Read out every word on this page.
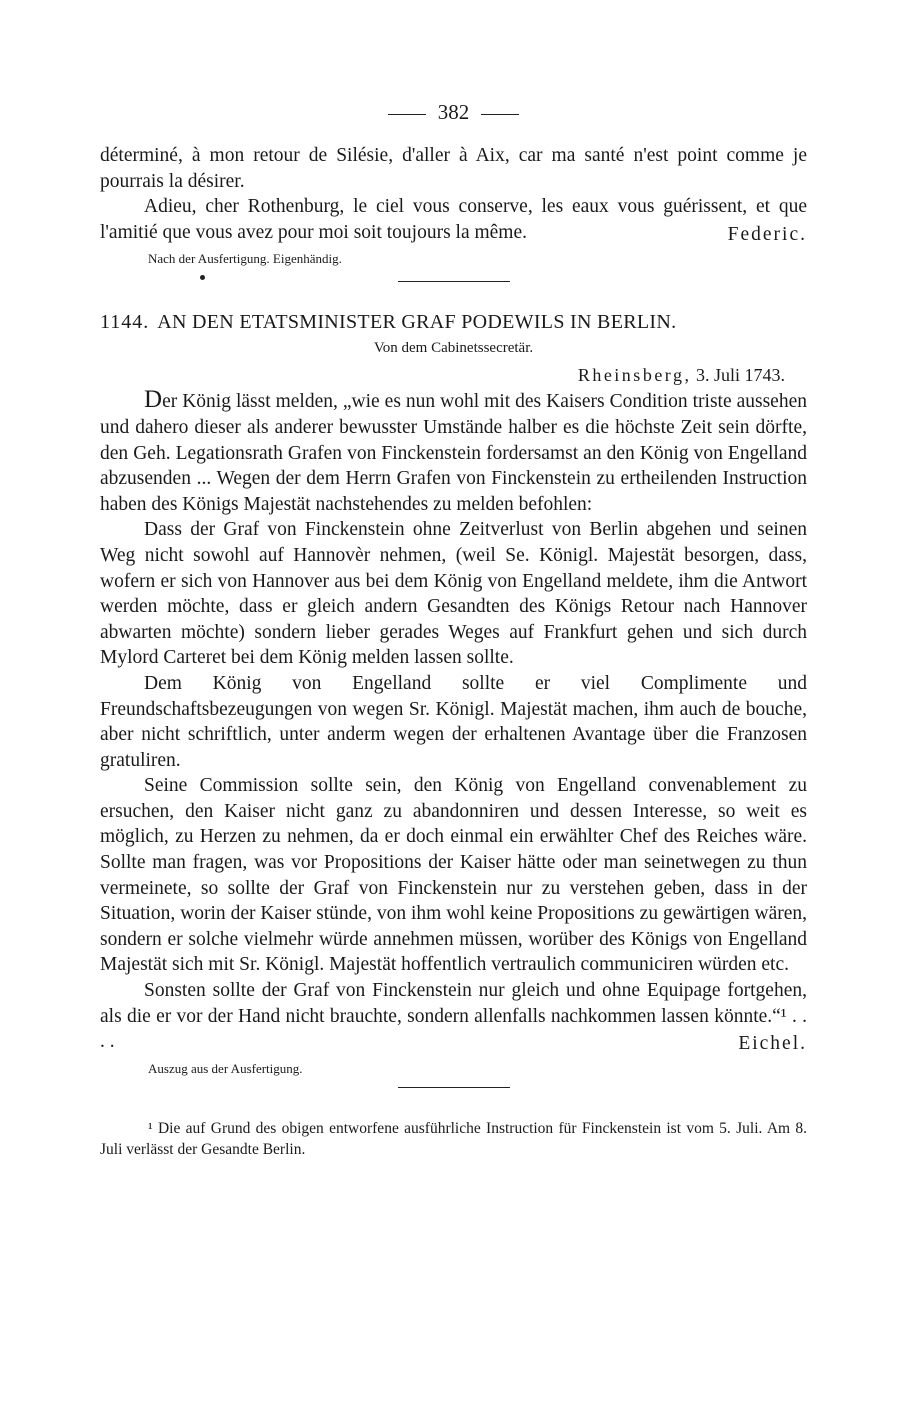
382

déterminé, à mon retour de Silésie, d'aller à Aix, car ma santé n'est point comme je pourrais la désirer.

Adieu, cher Rothenburg, le ciel vous conserve, les eaux vous guérissent, et que l'amitié que vous avez pour moi soit toujours la même.	Federic.

Nach der Ausfertigung. Eigenhändig.
1144. AN DEN ETATSMINISTER GRAF PODEWILS IN BERLIN.
Von dem Cabinetssecretär.
Rheinsberg, 3. Juli 1743.

Der König lässt melden, „wie es nun wohl mit des Kaisers Condition triste aussehen und dahero dieser als anderer bewusster Umstände halber es die höchste Zeit sein dörfte, den Geh. Legationsrath Grafen von Finckenstein fordersamst an den König von Engelland abzusenden ... Wegen der dem Herrn Grafen von Finckenstein zu ertheilenden Instruction haben des Königs Majestät nachstehendes zu melden befohlen:

Dass der Graf von Finckenstein ohne Zeitverlust von Berlin abgehen und seinen Weg nicht sowohl auf Hannovèr nehmen, (weil Se. Königl. Majestät besorgen, dass, wofern er sich von Hannover aus bei dem König von Engelland meldete, ihm die Antwort werden möchte, dass er gleich andern Gesandten des Königs Retour nach Hannover abwarten möchte) sondern lieber gerades Weges auf Frankfurt gehen und sich durch Mylord Carteret bei dem König melden lassen sollte.

Dem König von Engelland sollte er viel Complimente und Freundschaftsbezeugungen von wegen Sr. Königl. Majestät machen, ihm auch de bouche, aber nicht schriftlich, unter anderm wegen der erhaltenen Avantage über die Franzosen gratuliren.

Seine Commission sollte sein, den König von Engelland convenablement zu ersuchen, den Kaiser nicht ganz zu abandonniren und dessen Interesse, so weit es möglich, zu Herzen zu nehmen, da er doch einmal ein erwählter Chef des Reiches wäre. Sollte man fragen, was vor Propositions der Kaiser hätte oder man seinetwegen zu thun vermeinete, so sollte der Graf von Finckenstein nur zu verstehen geben, dass in der Situation, worin der Kaiser stünde, von ihm wohl keine Propositions zu gewärtigen wären, sondern er solche vielmehr würde annehmen müssen, worüber des Königs von Engelland Majestät sich mit Sr. Königl. Majestät hoffentlich vertraulich communiciren würden etc.

Sonsten sollte der Graf von Finckenstein nur gleich und ohne Equipage fortgehen, als die er vor der Hand nicht brauchte, sondern allenfalls nachkommen lassen könnte.“¹ . . . .	Eichel.

Auszug aus der Ausfertigung.
¹ Die auf Grund des obigen entworfene ausführliche Instruction für Finckenstein ist vom 5. Juli. Am 8. Juli verlässt der Gesandte Berlin.
